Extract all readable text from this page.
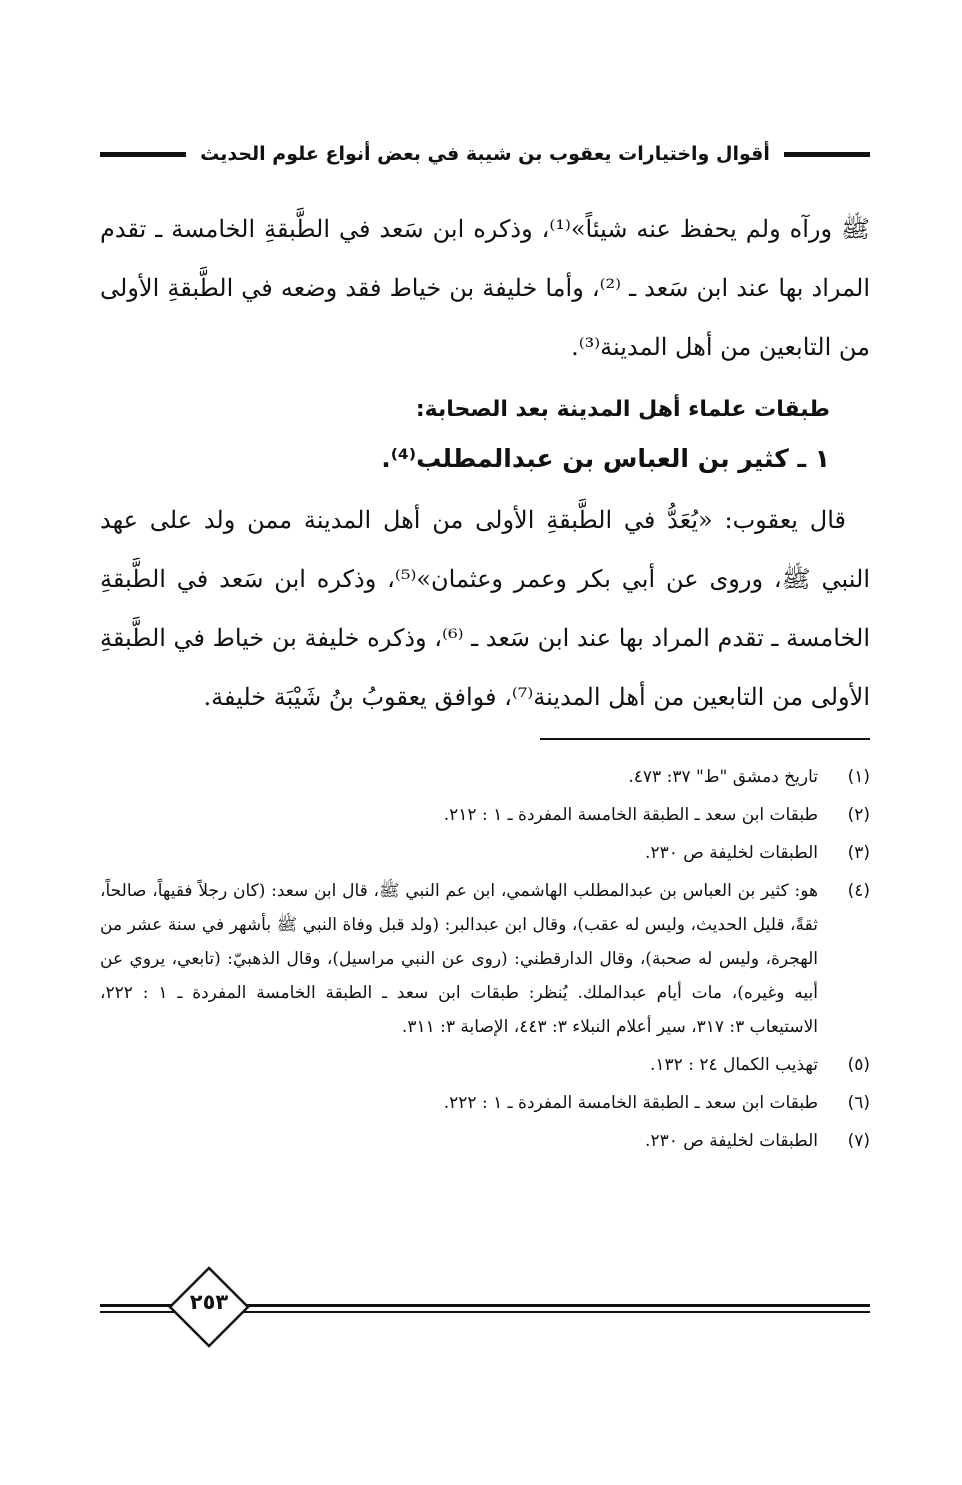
أقوال واختيارات يعقوب بن شيبة في بعض أنواع علوم الحديث

ﷺ ورآه ولم يحفظ عنه شيئاً»⁽¹⁾، وذكره ابن سَعد في الطَّبقةِ الخامسة ـ تقدم المراد بها عند ابن سَعد ـ ⁽²⁾، وأما خليفة بن خياط فقد وضعه في الطَّبقةِ الأولى من التابعين من أهل المدينة⁽³⁾.

طبقات علماء أهل المدينة بعد الصحابة:
١ ـ كثير بن العباس بن عبدالمطلب⁽⁴⁾.

قال يعقوب: «يُعَدُّ في الطَّبقةِ الأولى من أهل المدينة ممن ولد على عهد النبي ﷺ، وروى عن أبي بكر وعمر وعثمان»⁽⁵⁾، وذكره ابن سَعد في الطَّبقةِ الخامسة ـ تقدم المراد بها عند ابن سَعد ـ ⁽⁶⁾، وذكره خليفة بن خياط في الطَّبقةِ الأولى من التابعين من أهل المدينة⁽⁷⁾، فوافق يعقوبُ بنُ شَيْبَة خليفة.

(١)
تاريخ دمشق "ط" ٣٧: ٤٧٣.
(٢)
طبقات ابن سعد ـ الطبقة الخامسة المفردة ـ ١ : ٢١٢.
(٣)
الطبقات لخليفة ص ٢٣٠.
(٤)
هو: كثير بن العباس بن عبدالمطلب الهاشمي، ابن عم النبي ﷺ، قال ابن سعد: (كان رجلاً فقيهاً، صالحاً، ثقةً، قليل الحديث، وليس له عقب)، وقال ابن عبدالبر: (ولد قبل وفاة النبي ﷺ بأشهر في سنة عشر من الهجرة، وليس له صحبة)، وقال الدارقطني: (روى عن النبي مراسيل)، وقال الذهبيّ: (تابعي، يروي عن أبيه وغيره)، مات أيام عبدالملك. يُنظر: طبقات ابن سعد ـ الطبقة الخامسة المفردة ـ ١ : ٢٢٢، الاستيعاب ٣: ٣١٧، سير أعلام النبلاء ٣: ٤٤٣، الإصابة ٣: ٣١١.
(٥)
تهذيب الكمال ٢٤ : ١٣٢.
(٦)
طبقات ابن سعد ـ الطبقة الخامسة المفردة ـ ١ : ٢٢٢.
(٧)
الطبقات لخليفة ص ٢٣٠.
٢٥٣
